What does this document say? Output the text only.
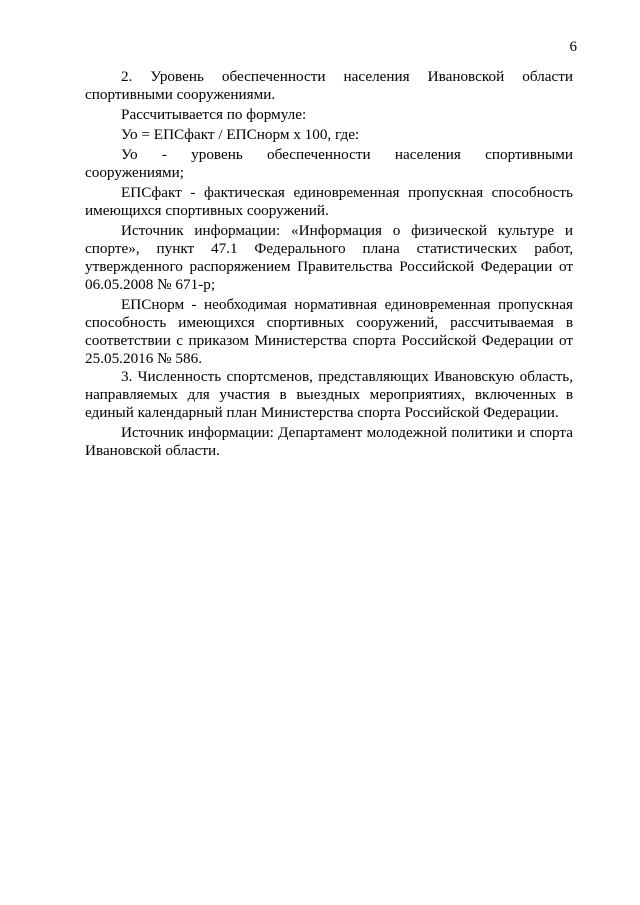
6

2. Уровень обеспеченности населения Ивановской области спортивными сооружениями.

Рассчитывается по формуле:

Уо = ЕПСфакт / ЕПСнорм х 100, где:

Уо - уровень обеспеченности населения спортивными сооружениями;

ЕПСфакт - фактическая единовременная пропускная способность имеющихся спортивных сооружений.

Источник информации: «Информация о физической культуре и спорте», пункт 47.1 Федерального плана статистических работ, утвержденного распоряжением Правительства Российской Федерации от 06.05.2008 № 671-р;

ЕПСнорм - необходимая нормативная единовременная пропускная способность имеющихся спортивных сооружений, рассчитываемая в соответствии с приказом Министерства спорта Российской Федерации от 25.05.2016 № 586.

3. Численность спортсменов, представляющих Ивановскую область, направляемых для участия в выездных мероприятиях, включенных в единый календарный план Министерства спорта Российской Федерации.

Источник информации: Департамент молодежной политики и спорта Ивановской области.
